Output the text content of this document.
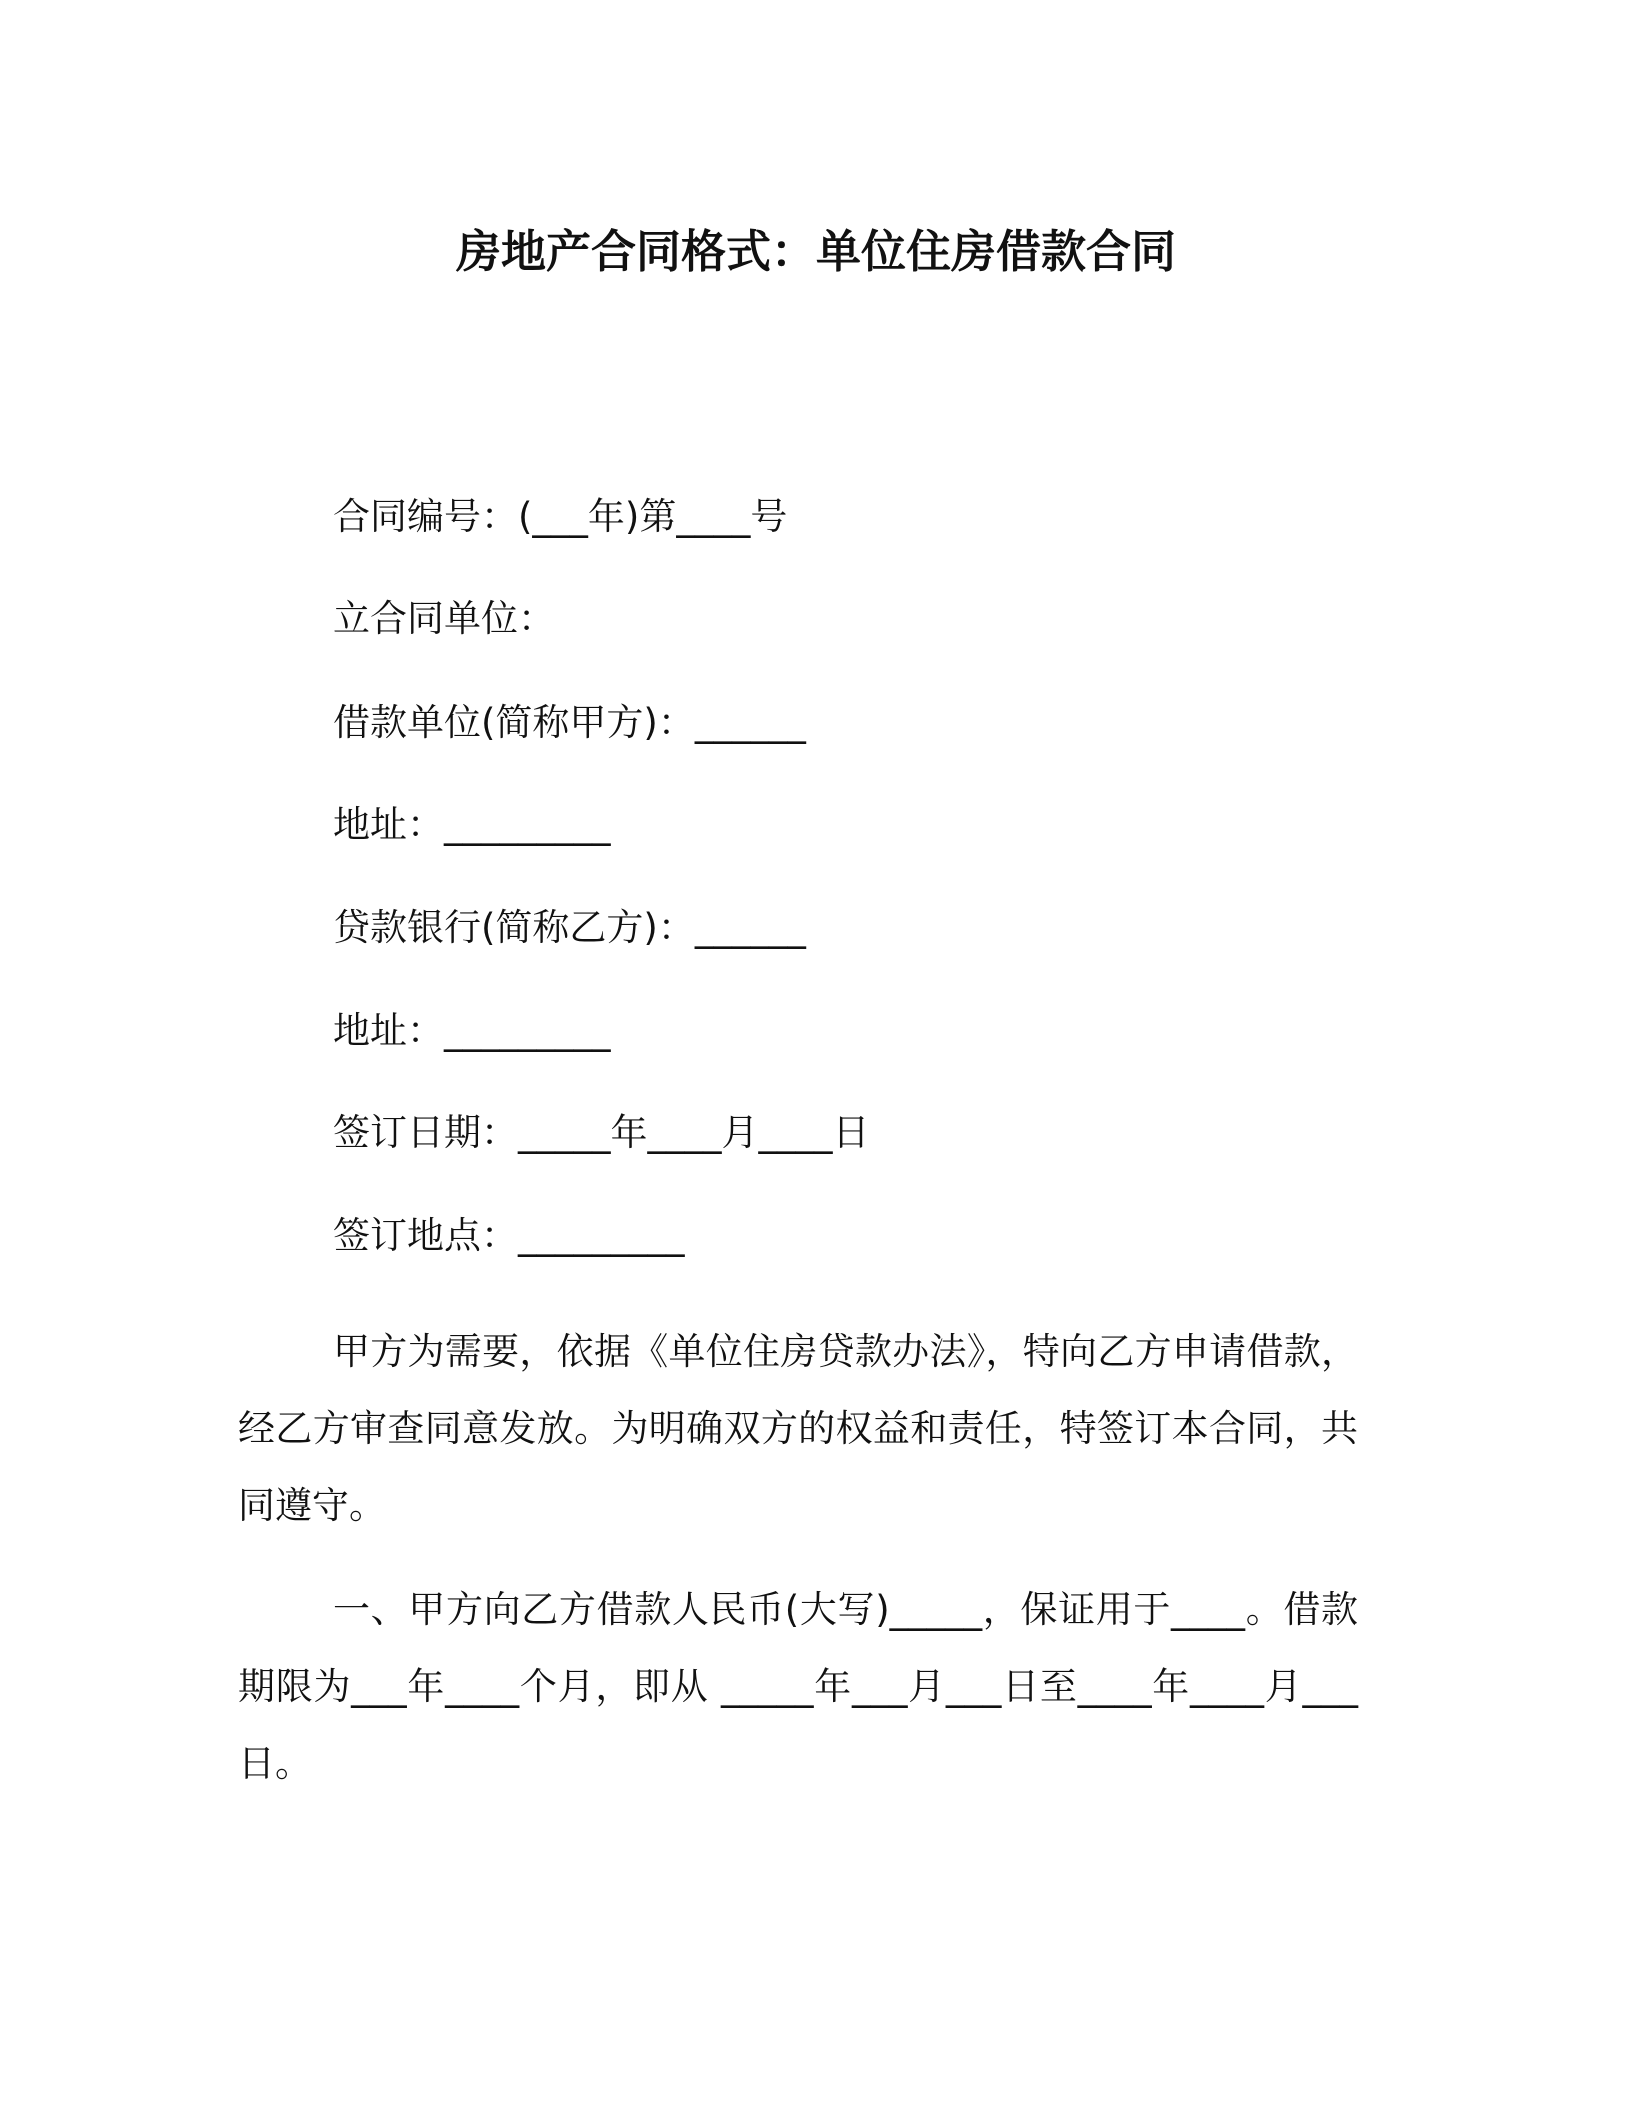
房地产合同格式：单位住房借款合同

合同编号：(___年)第____号

立合同单位：

借款单位(简称甲方)：______

地址：_________

贷款银行(简称乙方)：______

地址：_________

签订日期：_____年____月____日

签订地点：_________

甲方为需要，依据《单位住房贷款办法》，特向乙方申请借款，经乙方审查同意发放。为明确双方的权益和责任，特签订本合同，共同遵守。

一、甲方向乙方借款人民币(大写)_____，保证用于____。借款期限为___年____个月，即从 _____年___月___日至____年____月___日。
